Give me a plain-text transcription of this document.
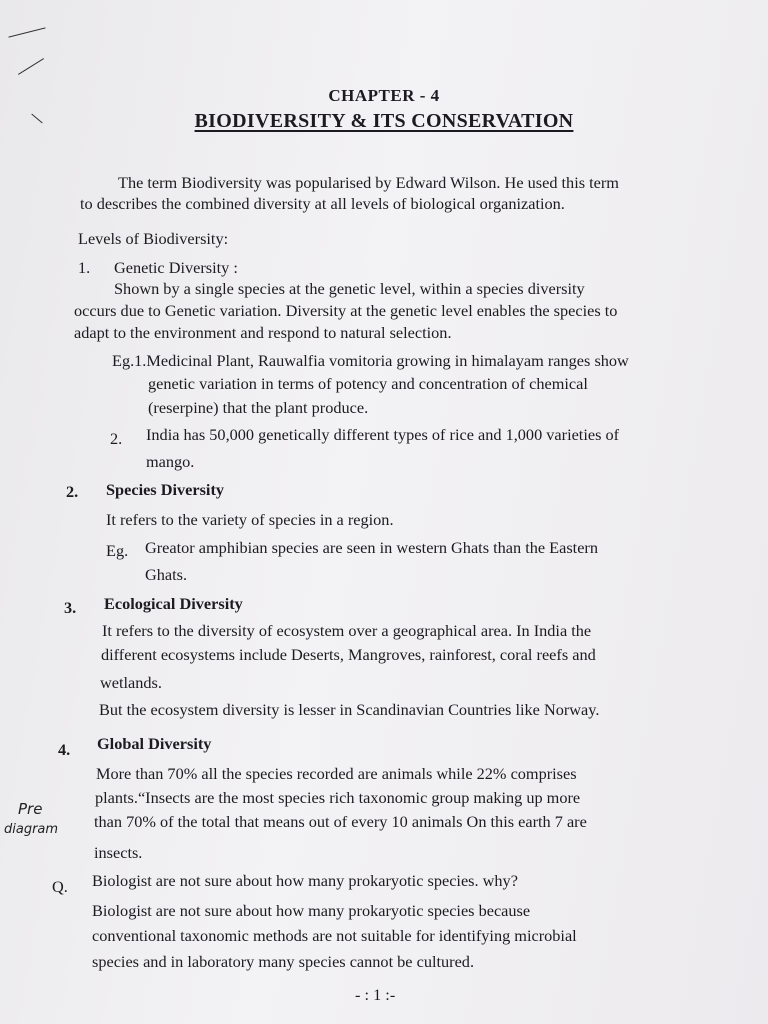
CHAPTER - 4
BIODIVERSITY & ITS CONSERVATION
The term Biodiversity was popularised by Edward Wilson. He used this term
to describes the combined diversity at all levels of biological organization.
Levels of Biodiversity:
1. Genetic Diversity :
Shown by a single species at the genetic level, within a species diversity
occurs due to Genetic variation. Diversity at the genetic level enables the species to
adapt to the environment and respond to natural selection.
Eg.1.Medicinal Plant, Rauwalfia vomitoria growing in himalayam ranges show
genetic variation in terms of potency and concentration of chemical
(reserpine) that the plant produce.
2. India has 50,000 genetically different types of rice and 1,000 varieties of
mango.
2. Species Diversity
It refers to the variety of species in a region.
Eg. Greator amphibian species are seen in western Ghats than the Eastern
Ghats.
3. Ecological Diversity
It refers to the diversity of ecosystem over a geographical area. In India the
different ecosystems include Deserts, Mangroves, rainforest, coral reefs and
wetlands.
But the ecosystem diversity is lesser in Scandinavian Countries like Norway.
4. Global Diversity
More than 70% all the species recorded are animals while 22% comprises
plants.“Insects are the most species rich taxonomic group making up more
than 70% of the total that means out of every 10 animals On this earth 7 are
insects.
Pre
diagram
Q. Biologist are not sure about how many prokaryotic species. why?
Biologist are not sure about how many prokaryotic species because
conventional taxonomic methods are not suitable for identifying microbial
species and in laboratory many species cannot be cultured.
- : 1 :-
